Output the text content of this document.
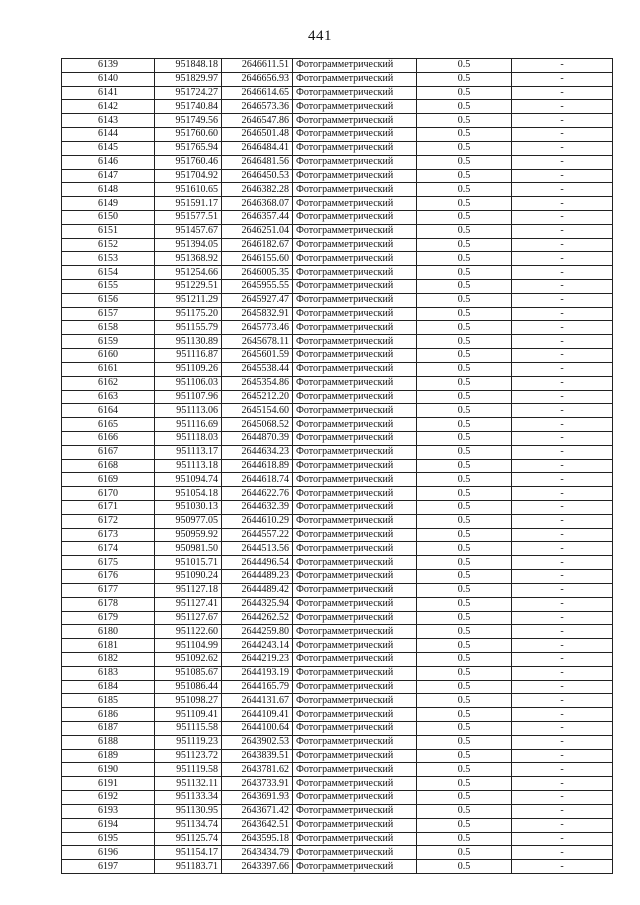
441
6139	951848.18	2646611.51	Фотограмметрический	0.5	-
6140	951829.97	2646656.93	Фотограмметрический	0.5	-
6141	951724.27	2646614.65	Фотограмметрический	0.5	-
6142	951740.84	2646573.36	Фотограмметрический	0.5	-
6143	951749.56	2646547.86	Фотограмметрический	0.5	-
6144	951760.60	2646501.48	Фотограмметрический	0.5	-
6145	951765.94	2646484.41	Фотограмметрический	0.5	-
6146	951760.46	2646481.56	Фотограмметрический	0.5	-
6147	951704.92	2646450.53	Фотограмметрический	0.5	-
6148	951610.65	2646382.28	Фотограмметрический	0.5	-
6149	951591.17	2646368.07	Фотограмметрический	0.5	-
6150	951577.51	2646357.44	Фотограмметрический	0.5	-
6151	951457.67	2646251.04	Фотограмметрический	0.5	-
6152	951394.05	2646182.67	Фотограмметрический	0.5	-
6153	951368.92	2646155.60	Фотограмметрический	0.5	-
6154	951254.66	2646005.35	Фотограмметрический	0.5	-
6155	951229.51	2645955.55	Фотограмметрический	0.5	-
6156	951211.29	2645927.47	Фотограмметрический	0.5	-
6157	951175.20	2645832.91	Фотограмметрический	0.5	-
6158	951155.79	2645773.46	Фотограмметрический	0.5	-
6159	951130.89	2645678.11	Фотограмметрический	0.5	-
6160	951116.87	2645601.59	Фотограмметрический	0.5	-
6161	951109.26	2645538.44	Фотограмметрический	0.5	-
6162	951106.03	2645354.86	Фотограмметрический	0.5	-
6163	951107.96	2645212.20	Фотограмметрический	0.5	-
6164	951113.06	2645154.60	Фотограмметрический	0.5	-
6165	951116.69	2645068.52	Фотограмметрический	0.5	-
6166	951118.03	2644870.39	Фотограмметрический	0.5	-
6167	951113.17	2644634.23	Фотограмметрический	0.5	-
6168	951113.18	2644618.89	Фотограмметрический	0.5	-
6169	951094.74	2644618.74	Фотограмметрический	0.5	-
6170	951054.18	2644622.76	Фотограмметрический	0.5	-
6171	951030.13	2644632.39	Фотограмметрический	0.5	-
6172	950977.05	2644610.29	Фотограмметрический	0.5	-
6173	950959.92	2644557.22	Фотограмметрический	0.5	-
6174	950981.50	2644513.56	Фотограмметрический	0.5	-
6175	951015.71	2644496.54	Фотограмметрический	0.5	-
6176	951090.24	2644489.23	Фотограмметрический	0.5	-
6177	951127.18	2644489.42	Фотограмметрический	0.5	-
6178	951127.41	2644325.94	Фотограмметрический	0.5	-
6179	951127.67	2644262.52	Фотограмметрический	0.5	-
6180	951122.60	2644259.80	Фотограмметрический	0.5	-
6181	951104.99	2644243.14	Фотограмметрический	0.5	-
6182	951092.62	2644219.23	Фотограмметрический	0.5	-
6183	951085.67	2644193.19	Фотограмметрический	0.5	-
6184	951086.44	2644165.79	Фотограмметрический	0.5	-
6185	951098.27	2644131.67	Фотограмметрический	0.5	-
6186	951109.41	2644109.41	Фотограмметрический	0.5	-
6187	951115.58	2644100.64	Фотограмметрический	0.5	-
6188	951119.23	2643902.53	Фотограмметрический	0.5	-
6189	951123.72	2643839.51	Фотограмметрический	0.5	-
6190	951119.58	2643781.62	Фотограмметрический	0.5	-
6191	951132.11	2643733.91	Фотограмметрический	0.5	-
6192	951133.34	2643691.93	Фотограмметрический	0.5	-
6193	951130.95	2643671.42	Фотограмметрический	0.5	-
6194	951134.74	2643642.51	Фотограмметрический	0.5	-
6195	951125.74	2643595.18	Фотограмметрический	0.5	-
6196	951154.17	2643434.79	Фотограмметрический	0.5	-
6197	951183.71	2643397.66	Фотограмметрический	0.5	-
